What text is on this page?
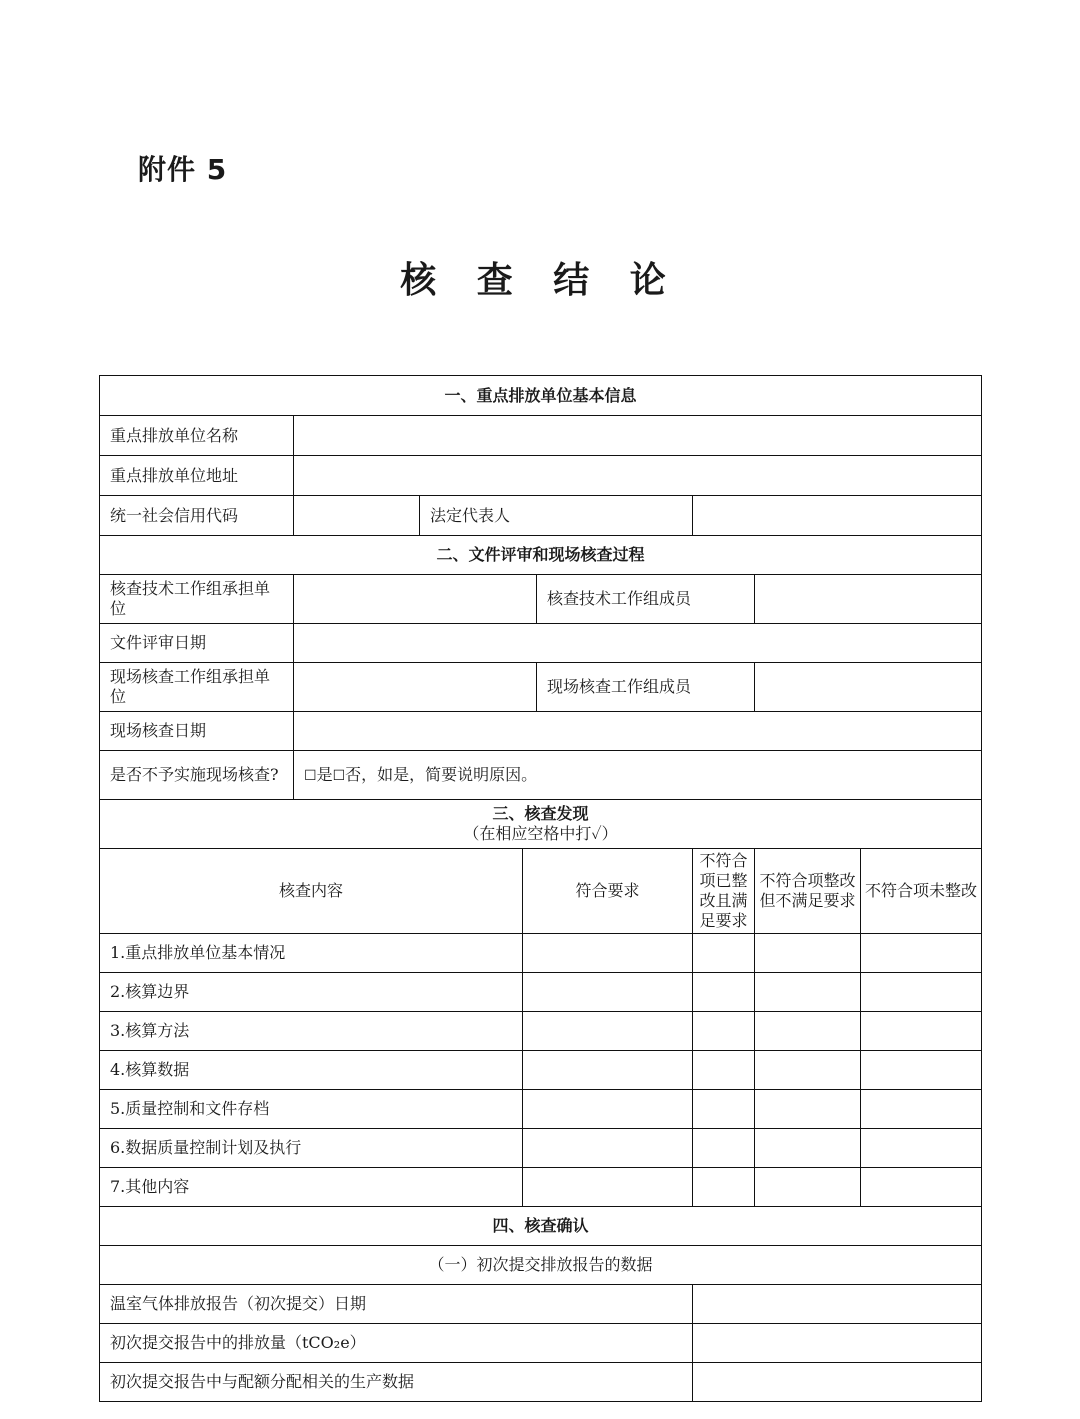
附件 5
核 查 结 论
一、重点排放单位基本信息							
重点排放单位名称							
重点排放单位地址							
统一社会信用代码		法定代表人					
二、文件评审和现场核查过程							
核查技术工作组承担单位				核查技术工作组成员			
文件评审日期							
现场核查工作组承担单位				现场核查工作组成员			
现场核查日期							
是否不予实施现场核查?	☐是☐否，如是，简要说明原因。						

三、核查发现
（在相应空格中打✓）							

核查内容			符合要求		不符合项已整改且满足要求	不符合项整改但不满足要求	不符合项未整改
1.重点排放单位基本情况							
2.核算边界							
3.核算方法							
4.核算数据							
5.质量控制和文件存档							
6.数据质量控制计划及执行							
7.其他内容							
四、核查确认							
（一）初次提交排放报告的数据							
温室气体排放报告（初次提交）日期							
初次提交报告中的排放量（tCO₂e）							
初次提交报告中与配额分配相关的生产数据							
